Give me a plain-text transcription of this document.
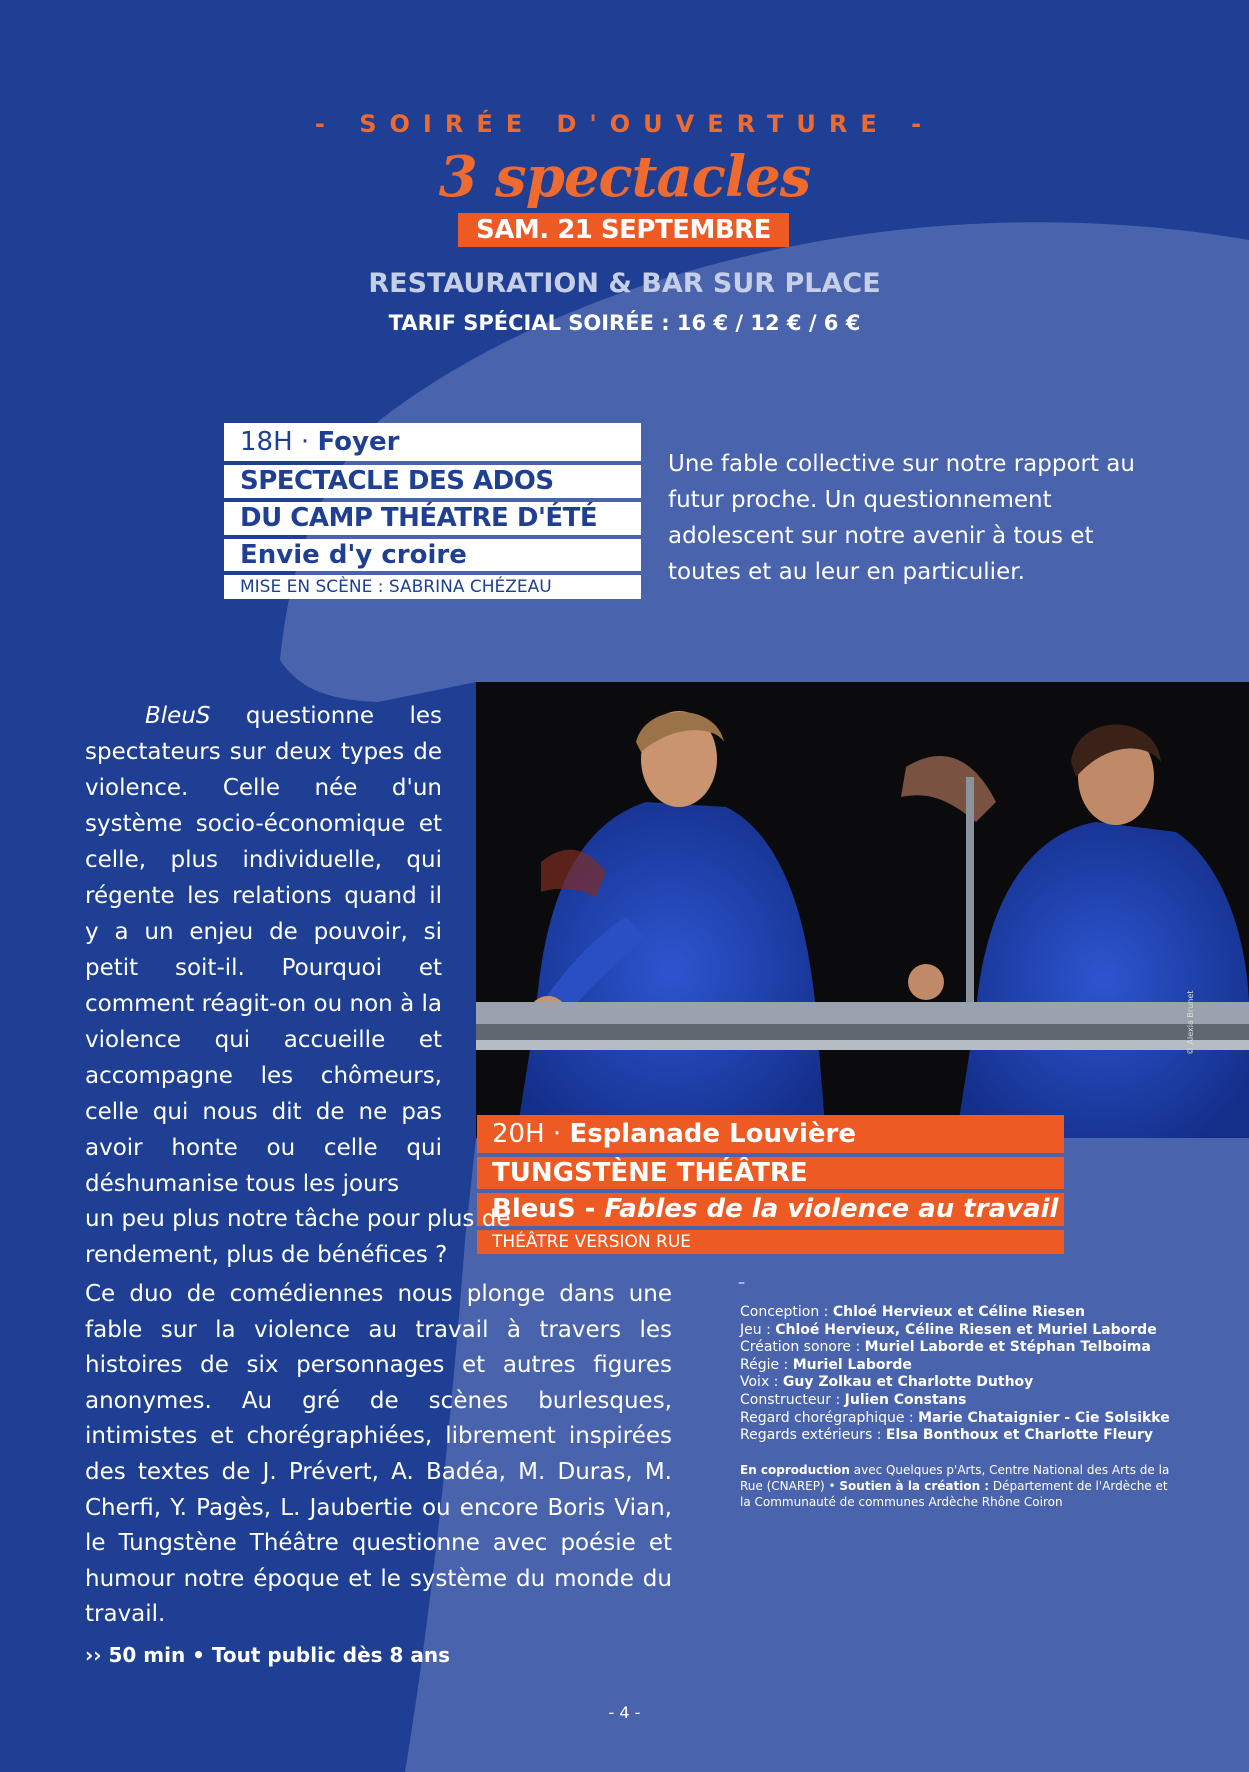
- SOIRÉE D'OUVERTURE -
3 spectacles
SAM. 21 SEPTEMBRE
RESTAURATION & BAR SUR PLACE
TARIF SPÉCIAL SOIRÉE : 16 € / 12 € / 6 €
18H · Foyer
SPECTACLE DES ADOS
DU CAMP THÉATRE D'ÉTÉ
Envie d'y croire
MISE EN SCÈNE : SABRINA CHÉZEAU
Une fable collective sur notre rapport au futur proche. Un questionnement adolescent sur notre avenir à tous et toutes et au leur en particulier.
© Alexia Brunet
20H · Esplanade Louvière
TUNGSTÈNE THÉÂTRE
BleuS - Fables de la violence au travail
THÉÂTRE VERSION RUE
BleuS questionne les spectateurs sur deux types de violence. Celle née d'un système socio-économique et celle, plus individuelle, qui régente les relations quand il y a un enjeu de pouvoir, si petit soit-il. Pourquoi et comment réagit-on ou non à la violence qui accueille et accompagne les chômeurs, celle qui nous dit de ne pas avoir honte ou celle qui déshumanise tous les jours
un peu plus notre tâche pour plus de rendement, plus de bénéfices ?
Ce duo de comédiennes nous plonge dans une fable sur la violence au travail à travers les histoires de six personnages et autres figures anonymes. Au gré de scènes burlesques, intimistes et chorégraphiées, librement inspirées des textes de J. Prévert, A. Badéa, M. Duras, M. Cherfi, Y. Pagès, L. Jaubertie ou encore Boris Vian, le Tungstène Théâtre questionne avec poésie et humour notre époque et le système du monde du travail.
›› 50 min • Tout public dès 8 ans
–
Conception : Chloé Hervieux et Céline Riesen
Jeu : Chloé Hervieux, Céline Riesen et Muriel Laborde
Création sonore : Muriel Laborde et Stéphan Telboima
Régie : Muriel Laborde
Voix : Guy Zolkau et Charlotte Duthoy
Constructeur : Julien Constans
Regard chorégraphique : Marie Chataignier - Cie Solsikke
Regards extérieurs : Elsa Bonthoux et Charlotte Fleury
En coproduction avec Quelques p'Arts, Centre National des Arts de la Rue (CNAREP) • Soutien à la création : Département de l'Ardèche et la Communauté de communes Ardèche Rhône Coiron
- 4 -
